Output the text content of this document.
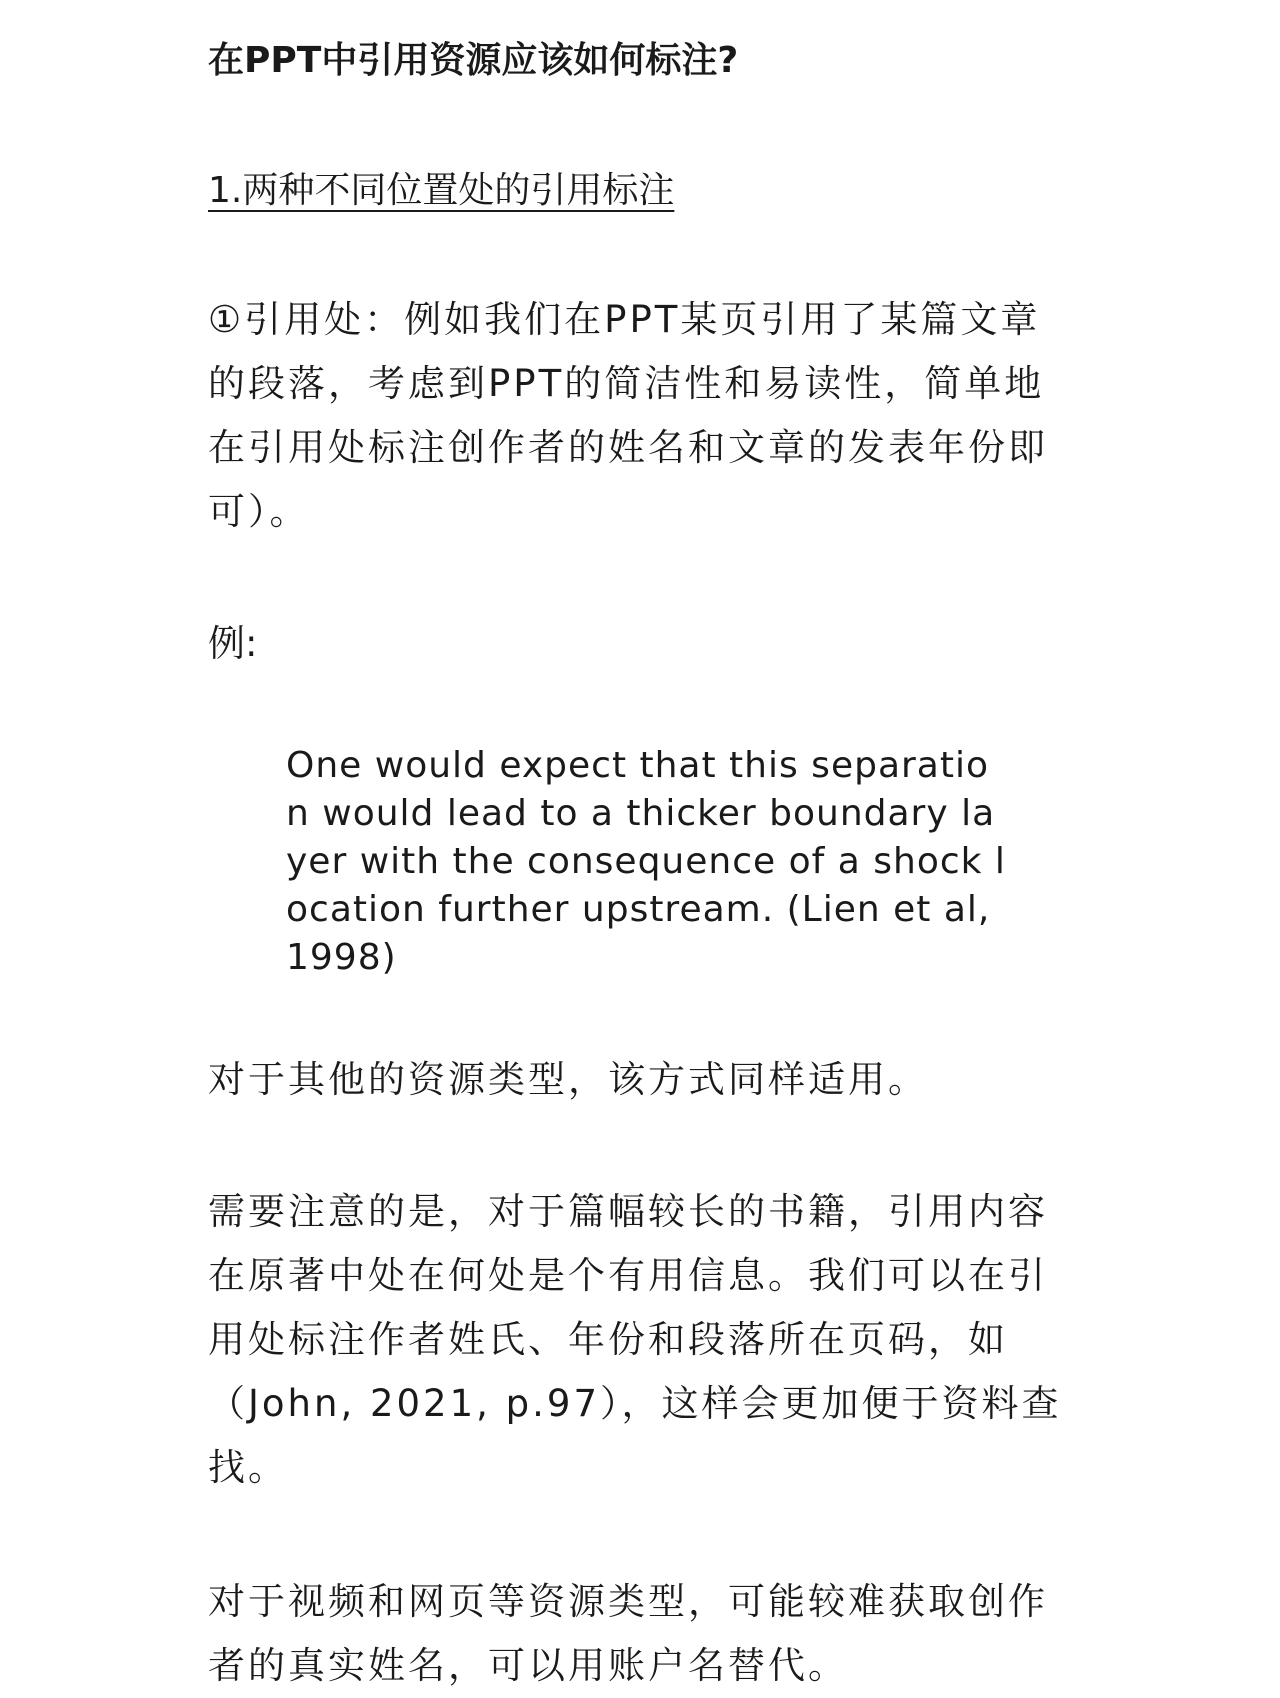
在PPT中引用资源应该如何标注?
1.两种不同位置处的引用标注

①引用处：例如我们在PPT某页引用了某篇文章的段落，考虑到PPT的简洁性和易读性，简单地在引用处标注创作者的姓名和文章的发表年份即可）。

例:

One would expect that this separation would lead to a thicker boundary layer with the consequence of a shock location further upstream. (Lien et al, 1998)

对于其他的资源类型，该方式同样适用。

需要注意的是，对于篇幅较长的书籍，引用内容在原著中处在何处是个有用信息。我们可以在引用处标注作者姓氏、年份和段落所在页码，如（John, 2021, p.97），这样会更加便于资料查找。

对于视频和网页等资源类型，可能较难获取创作者的真实姓名，可以用账户名替代。
